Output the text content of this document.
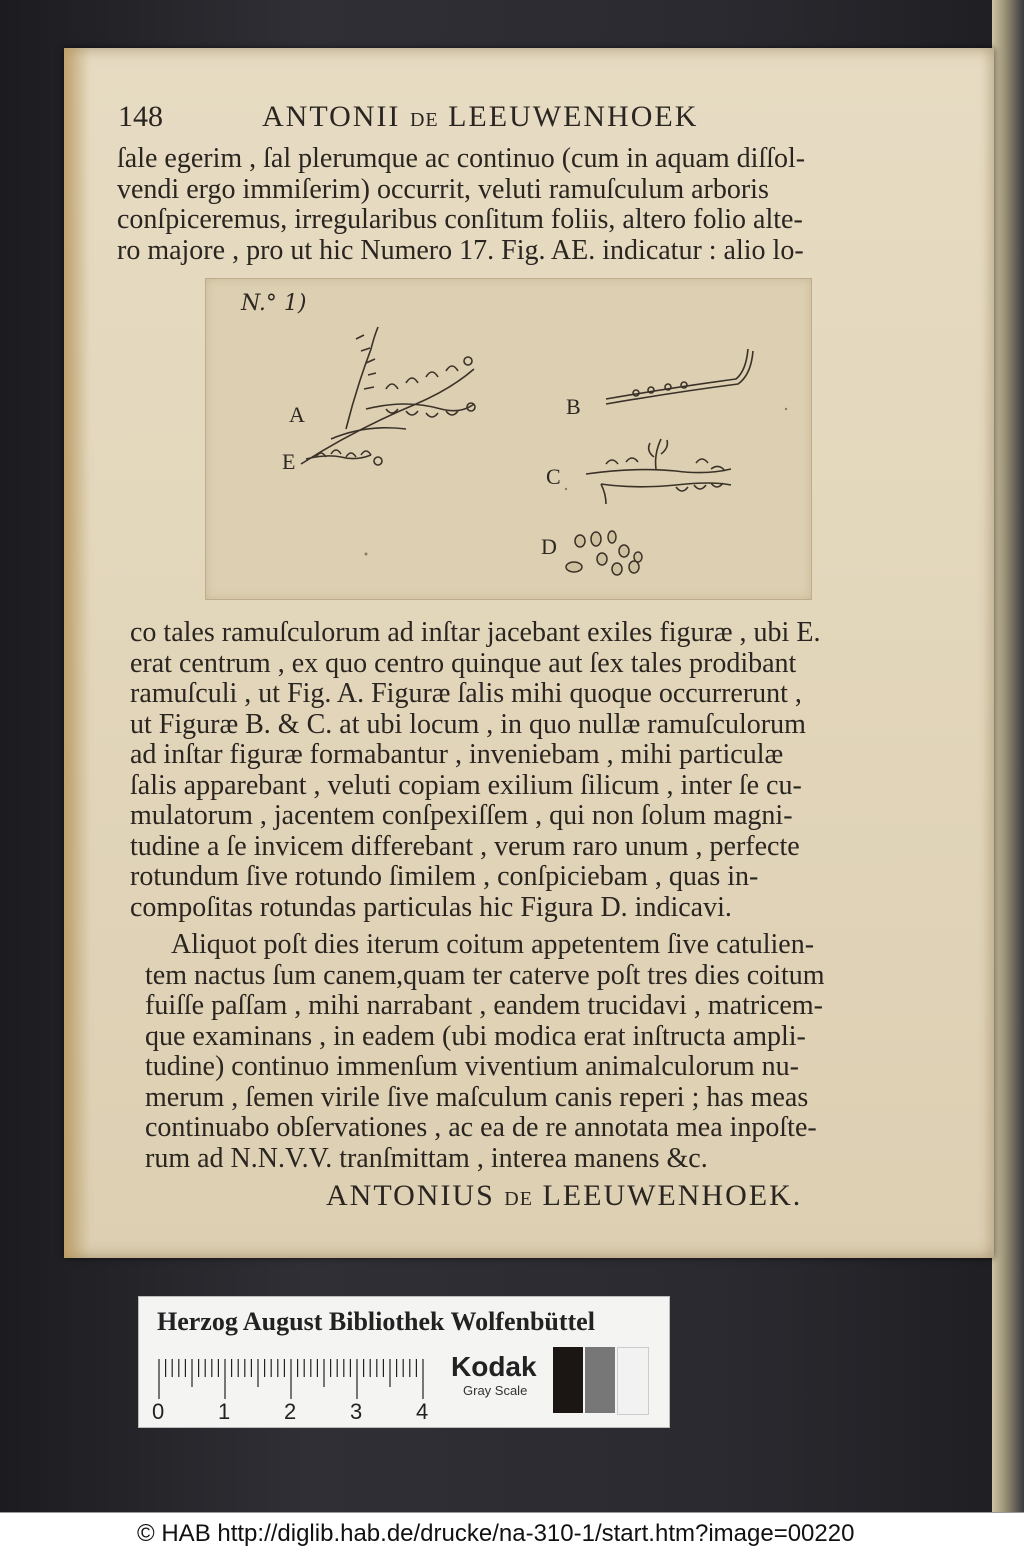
148	ANTONII DE LEEUWENHOEK
ſale egerim , ſal plerumque ac continuo (cum in aquam diſſol-
vendi ergo immiſerim) occurrit, veluti ramuſculum arboris
conſpiceremus, irregularibus conſitum foliis, altero folio alte-
ro majore , pro ut hic Numero 17. Fig. AE. indicatur : alio lo-
N.° 1)
A
E
B
C
D
co tales ramuſculorum ad inſtar jacebant exiles figuræ , ubi E.
erat centrum , ex quo centro quinque aut ſex tales prodibant
ramuſculi , ut Fig. A. Figuræ ſalis mihi quoque occurrerunt ,
ut Figuræ B. & C. at ubi locum , in quo nullæ ramuſculorum
ad inſtar figuræ formabantur , inveniebam , mihi particulæ
ſalis apparebant , veluti copiam exilium ſilicum , inter ſe cu-
mulatorum , jacentem conſpexiſſem , qui non ſolum magni-
tudine a ſe invicem differebant , verum raro unum , perfecte
rotundum ſive rotundo ſimilem , conſpiciebam , quas in-
compoſitas rotundas particulas hic Figura D. indicavi.
Aliquot poſt dies iterum coitum appetentem ſive catulien-
tem nactus ſum canem,quam ter caterve poſt tres dies coitum
fuiſſe paſſam , mihi narrabant , eandem trucidavi , matricem-
que examinans , in eadem (ubi modica erat inſtructa ampli-
tudine) continuo immenſum viventium animalculorum nu-
merum , ſemen virile ſive maſculum canis reperi ; has meas
continuabo obſervationes , ac ea de re annotata mea inpoſte-
rum ad N.N.V.V. tranſmittam , interea manens &c.
ANTONIUS DE LEEUWENHOEK.
Herzog August Bibliothek Wolfenbüttel
0 1 2 3 4
Kodak
Gray Scale
© HAB http://diglib.hab.de/drucke/na-310-1/start.htm?image=00220
